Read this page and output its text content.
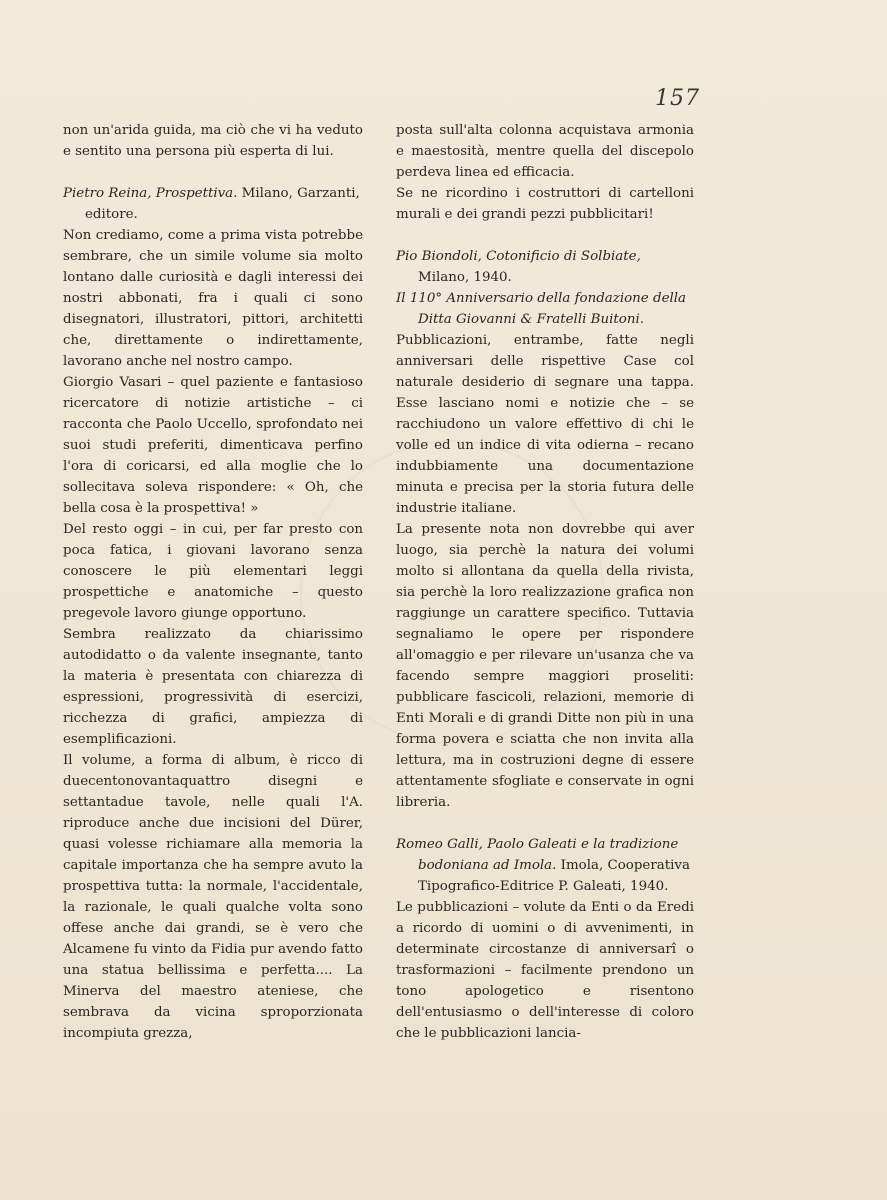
157

non un'arida guida, ma ciò che vi ha veduto e sentito una persona più esperta di lui.

Pietro Reina, Prospettiva. Milano, Garzanti, editore.

Non crediamo, come a prima vista potrebbe sembrare, che un simile volume sia molto lontano dalle curiosità e dagli interessi dei nostri abbonati, fra i quali ci sono disegnatori, illustratori, pittori, architetti che, direttamente o indirettamente, lavorano anche nel nostro campo.

Giorgio Vasari – quel paziente e fantasioso ricercatore di notizie artistiche – ci racconta che Paolo Uccello, sprofondato nei suoi studi preferiti, dimenticava perfino l'ora di coricarsi, ed alla moglie che lo sollecitava soleva rispondere: « Oh, che bella cosa è la prospettiva! »

Del resto oggi – in cui, per far presto con poca fatica, i giovani lavorano senza conoscere le più elementari leggi prospettiche e anatomiche – questo pregevole lavoro giunge opportuno.

Sembra realizzato da chiarissimo autodidatto o da valente insegnante, tanto la materia è presentata con chiarezza di espressioni, progressività di esercizi, ricchezza di grafici, ampiezza di esemplificazioni.

Il volume, a forma di album, è ricco di duecentonovantaquattro disegni e settantadue tavole, nelle quali l'A. riproduce anche due incisioni del Dürer, quasi volesse richiamare alla memoria la capitale importanza che ha sempre avuto la prospettiva tutta: la normale, l'accidentale, la razionale, le quali qualche volta sono offese anche dai grandi, se è vero che Alcamene fu vinto da Fidia pur avendo fatto una statua bellissima e perfetta.... La Minerva del maestro ateniese, che sembrava da vicina sproporzionata incompiuta grezza,

posta sull'alta colonna acquistava armonia e maestosità, mentre quella del discepolo perdeva linea ed efficacia.

Se ne ricordino i costruttori di cartelloni murali e dei grandi pezzi pubblicitari!

Pio Biondoli, Cotonificio di Solbiate, Milano, 1940.

Il 110° Anniversario della fondazione della Ditta Giovanni & Fratelli Buitoni.

Pubblicazioni, entrambe, fatte negli anniversari delle rispettive Case col naturale desiderio di segnare una tappa. Esse lasciano nomi e notizie che – se racchiudono un valore effettivo di chi le volle ed un indice di vita odierna – recano indubbiamente una documentazione minuta e precisa per la storia futura delle industrie italiane.

La presente nota non dovrebbe qui aver luogo, sia perchè la natura dei volumi molto si allontana da quella della rivista, sia perchè la loro realizzazione grafica non raggiunge un carattere specifico. Tuttavia segnaliamo le opere per rispondere all'omaggio e per rilevare un'usanza che va facendo sempre maggiori proseliti: pubblicare fascicoli, relazioni, memorie di Enti Morali e di grandi Ditte non più in una forma povera e sciatta che non invita alla lettura, ma in costruzioni degne di essere attentamente sfogliate e conservate in ogni libreria.

Romeo Galli, Paolo Galeati e la tradizione bodoniana ad Imola. Imola, Cooperativa Tipografico-Editrice P. Galeati, 1940.

Le pubblicazioni – volute da Enti o da Eredi a ricordo di uomini o di avvenimenti, in determinate circostanze di anniversarî o trasformazioni – facilmente prendono un tono apologetico e risentono dell'entusiasmo o dell'interesse di coloro che le pubblicazioni lancia-
